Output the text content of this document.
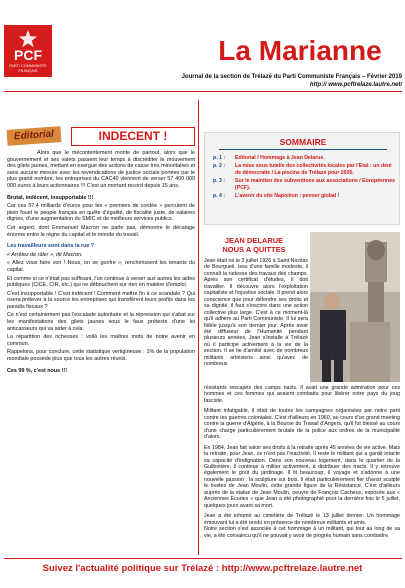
PCF
PARTI COMMUNISTE FRANÇAIS
La Marianne
Journal de la section de Trélazé du Parti Communiste Français – Février 2019
http:// www.pcftrelaze.lautre.net/
Editorial	INDECENT !

Alors que le mécontentement monte de partout, alors que le gouvernement et ses valets passent leur temps à discréditer le mouvement des gilets jaunes, mettant en exergue des actions de casse très minoritaires et sans aucune mesure avec les revendications de justice sociale portées par le plus grand nombre, les entreprises du CAC40 viennent de verser 57 400 000 000 euros à leurs actionnaires !!! C'est un mortant record depuis 15 ans.

Brutal, indécent, insupportable !!!

Car ces 57,4 milliards d'euros pour les « premiers de cordée » percutent de plein fouet le peuple français en quête d'égalité, de fiscalité juste, de salaires dignes, d'une augmentation du SMIC et de meilleurs services publics.

Cet argent, dont Emmanuel Macron ne parle pas, démontre le décalage énorme entre le règne du capital et le monde du travail.

Les travailleurs sont dans la rue ?

« Arrêtez de râler », dit Macron.

« Allez vous faire voir ! Nous, on se gonfre », renchérissent les tenants du capital.

Et comme si ce n'était pas suffisant, l'un continue à verser aux autres les aides publiques (CICE, CIR, etc.) qui ne débouchent sur rien en matière d'emploi.

C'est insupportable ! C'est indécent ! Comment mettre fin à ce scandale ? Qui osera prélever à la source les entreprises qui transfèrent leurs profits dans les paradis fiscaux ?

Ce n'est certainement pas l'escalade autoritaire et la répression qui s'abat sur les manifestations des gilets jaunes sous le faux prétexte d'une loi anticasseurs qui va aider à cela.

La répartition des richesses : voilà les maîtres mots de notre avenir en commun.

Rappelons, pour conclure, cette statistique vertigineuse : 1% de la population mondiale possède plus que tous les autres réunis.

Ces 99 %, c'est nous !!!

SOMMAIRE
p. 1 :	Editorial / Hommage à Jean Delarue.
p. 2 :	La mise sous tutelle des collectivités locales par l'Etat : un déni de démocratie / La piscine de Trélazé pour 2020.
p. 3 :	Sur le maintien des subventions aux associations / Européennes (PCF).
p. 4 :	L'avenir du site Napoléon : penser global !
JEAN DELARUE
NOUS A QUITTES

Jean était né le 3 juillet 1926 à Saint Nicolas de Bourgueil. Issu d'une famille modeste, il connaît la rudesse des travaux des champs. Après son certificat d'études, il doit travailler. Il découvre alors l'exploitation capitaliste et l'injustice sociale. Il prend alors conscience que pour défendre ses droits et sa dignité, il faut s'inscrire dans une action collective plus large. C'est à ce moment-là qu'il adhère au Parti Communiste. Il lui sera fidèle jusqu'à son dernier jour. Après avoir été diffuseur de l'Humanité pendant plusieurs années, Jean s'installe à Trélazé où il participe activement à la vie de la section. Il se lie d'amitié avec de nombreux militants artoisiens ainsi qu'avec de nombreux

résistants rescapés des camps nazis. Il avait une grande admiration pour ces hommes et ces femmes qui avaient combattu pour libérer notre pays du joug fasciste.

Militant infatigable, il était de toutes les campagnes organisées par notre parti contre les guerres coloniales. C'est d'ailleurs en 1960, au cours d'un grand meeting contre la guerre d'Algérie, à la Bourse du Travail d'Angers, qu'il fut blessé au cours d'une charge particulièrement brutale de la police aux ordres de la municipalité d'alors.

En 1984, Jean fait valoir ses droits à la retraite après 45 années de vie active. Mais la retraite, pour Jean, ce n'est pas l'inactivité. Il reste le militant qui a gardé intacte sa capacité d'indignation. Dans son nouveau logement, dans le quartier de la Guilbotière, il continue à militer activement, à distribuer des tracts. Il y retrouve également le goût du jardinage. Il lit beaucoup, il voyage et s'adonne à une nouvelle passion : la sculpture sur bois. Il était particulièrement fier d'avoir sculpté le bustes de Jean Moulin, cette grande figure de la Résistance. C'est d'ailleurs auprès de la statue de Jean Moulin, oeuvre de François Cacheux, exposée aux « Anciennes Ecuries » que Jean a été photographié pour la dernière fois le 5 juillet, quelques jours avant sa mort.

Jean a été inhumé au cimetière de Trélazé le 13 juillet dernier. Un hommage émouvant lui a été rendu en présence de nombreux militants et amis.

Notre section s'est associée à cet hommage à un militant, qui tout au long de sa vie, a été convaincu qu'il ne pouvait y avoir de progrès humain sans combattre.

Suivez l'actualité politique sur Trélazé : http://www.pcftrelaze.lautre.net
